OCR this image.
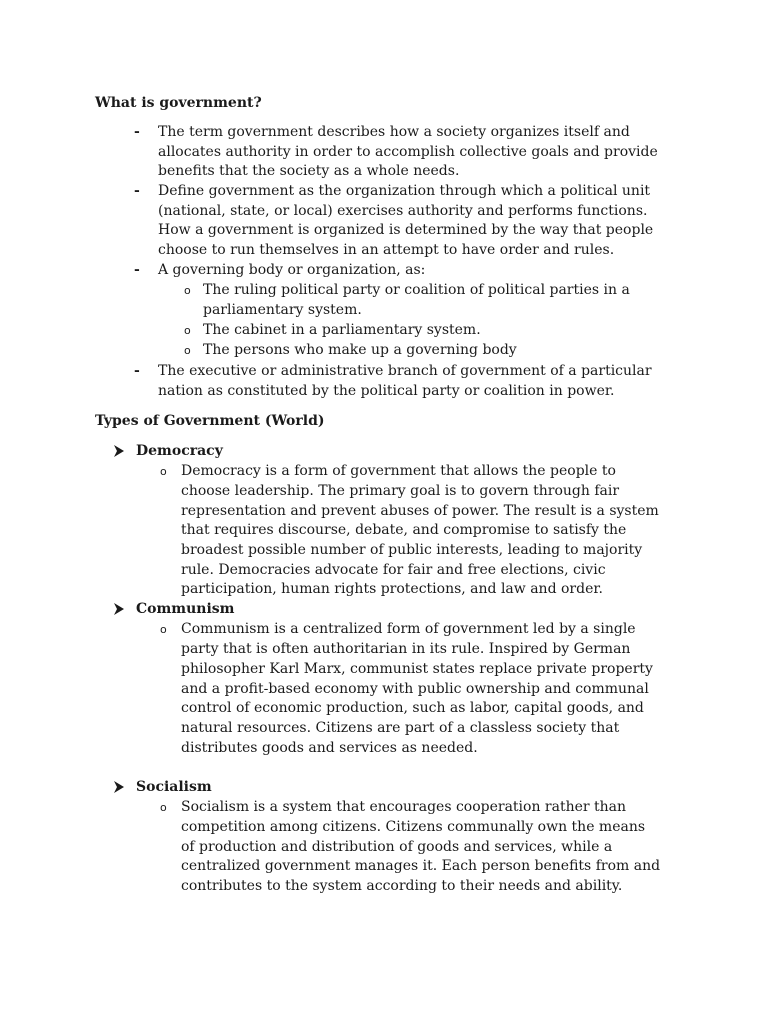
What is government?
- The term government describes how a society organizes itself and
allocates authority in order to accomplish collective goals and provide
benefits that the society as a whole needs.
- Define government as the organization through which a political unit
(national, state, or local) exercises authority and performs functions.
How a government is organized is determined by the way that people
choose to run themselves in an attempt to have order and rules.
- A governing body or organization, as:
o The ruling political party or coalition of political parties in a
parliamentary system.
o The cabinet in a parliamentary system.
o The persons who make up a governing body
- The executive or administrative branch of government of a particular
nation as constituted by the political party or coalition in power.
Types of Government (World)
Democracy
o Democracy is a form of government that allows the people to
choose leadership. The primary goal is to govern through fair
representation and prevent abuses of power. The result is a system
that requires discourse, debate, and compromise to satisfy the
broadest possible number of public interests, leading to majority
rule. Democracies advocate for fair and free elections, civic
participation, human rights protections, and law and order.
Communism
o Communism is a centralized form of government led by a single
party that is often authoritarian in its rule. Inspired by German
philosopher Karl Marx, communist states replace private property
and a profit-based economy with public ownership and communal
control of economic production, such as labor, capital goods, and
natural resources. Citizens are part of a classless society that
distributes goods and services as needed.
Socialism
o Socialism is a system that encourages cooperation rather than
competition among citizens. Citizens communally own the means
of production and distribution of goods and services, while a
centralized government manages it. Each person benefits from and
contributes to the system according to their needs and ability.
